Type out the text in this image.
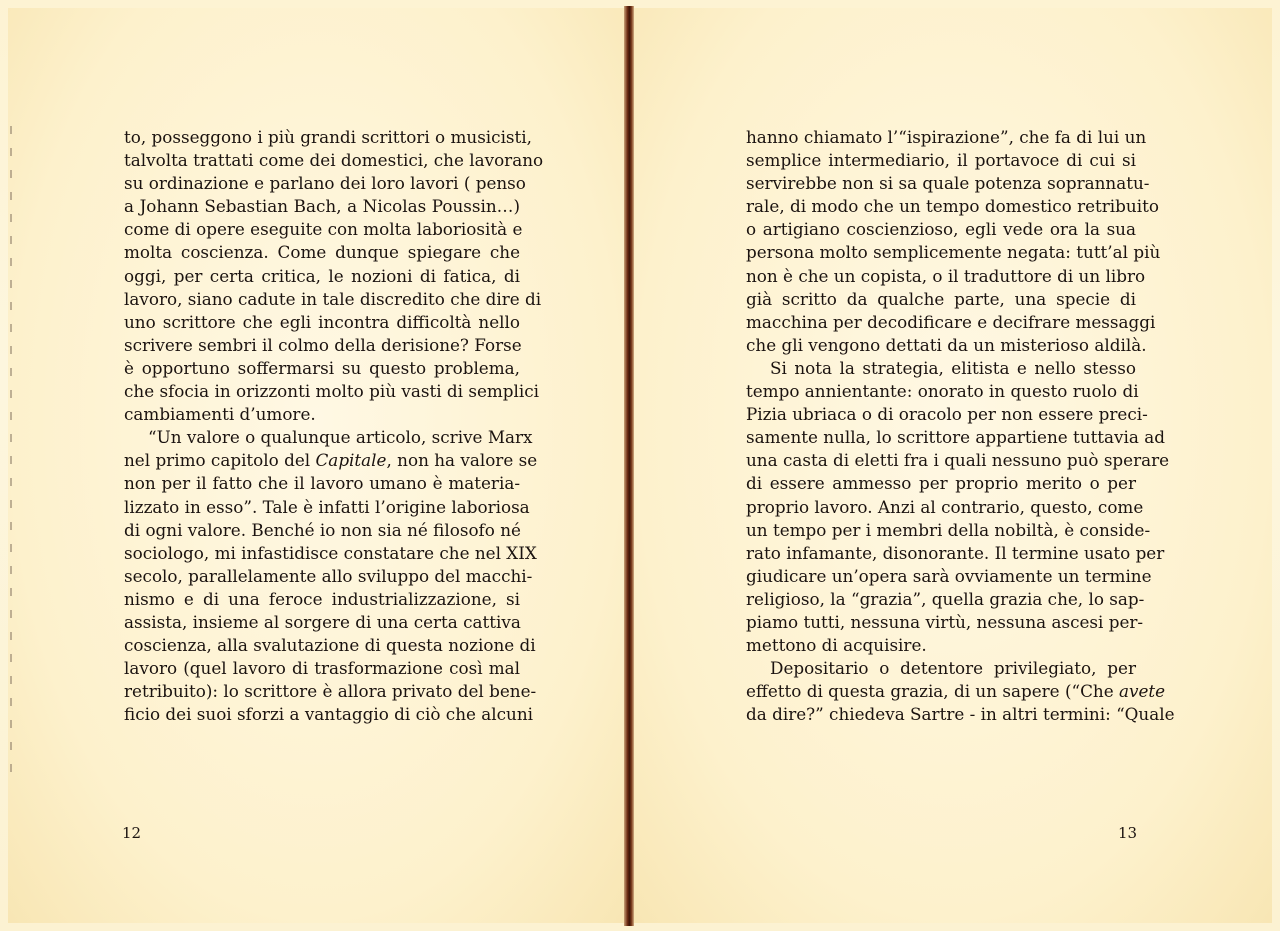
to, posseggono i più grandi scrittori o musicisti,
talvolta trattati come dei domestici, che lavorano
su ordinazione e parlano dei loro lavori ( penso
a Johann Sebastian Bach, a Nicolas Poussin…)
come di opere eseguite con molta laboriosità e
molta coscienza. Come dunque spiegare che
oggi, per certa critica, le nozioni di fatica, di
lavoro, siano cadute in tale discredito che dire di
uno scrittore che egli incontra difficoltà nello
scrivere sembri il colmo della derisione? Forse
è opportuno soffermarsi su questo problema,
che sfocia in orizzonti molto più vasti di semplici
cambiamenti d’umore.
“Un valore o qualunque articolo, scrive Marx
nel primo capitolo del Capitale, non ha valore se
non per il fatto che il lavoro umano è materia-
lizzato in esso”. Tale è infatti l’origine laboriosa
di ogni valore. Benché io non sia né filosofo né
sociologo, mi infastidisce constatare che nel XIX
secolo, parallelamente allo sviluppo del macchi-
nismo e di una feroce industrializzazione, si
assista, insieme al sorgere di una certa cattiva
coscienza, alla svalutazione di questa nozione di
lavoro (quel lavoro di trasformazione così mal
retribuito): lo scrittore è allora privato del bene-
ficio dei suoi sforzi a vantaggio di ciò che alcuni
12
hanno chiamato l’“ispirazione”, che fa di lui un
semplice intermediario, il portavoce di cui si
servirebbe non si sa quale potenza soprannatu-
rale, di modo che un tempo domestico retribuito
o artigiano coscienzioso, egli vede ora la sua
persona molto semplicemente negata: tutt’al più
non è che un copista, o il traduttore di un libro
già scritto da qualche parte, una specie di
macchina per decodificare e decifrare messaggi
che gli vengono dettati da un misterioso aldilà.
Si nota la strategia, elitista e nello stesso
tempo annientante: onorato in questo ruolo di
Pizia ubriaca o di oracolo per non essere preci-
samente nulla, lo scrittore appartiene tuttavia ad
una casta di eletti fra i quali nessuno può sperare
di essere ammesso per proprio merito o per
proprio lavoro. Anzi al contrario, questo, come
un tempo per i membri della nobiltà, è conside-
rato infamante, disonorante. Il termine usato per
giudicare un’opera sarà ovviamente un termine
religioso, la “grazia”, quella grazia che, lo sap-
piamo tutti, nessuna virtù, nessuna ascesi per-
mettono di acquisire.
Depositario o detentore privilegiato, per
effetto di questa grazia, di un sapere (“Che avete
da dire?” chiedeva Sartre - in altri termini: “Quale
13
